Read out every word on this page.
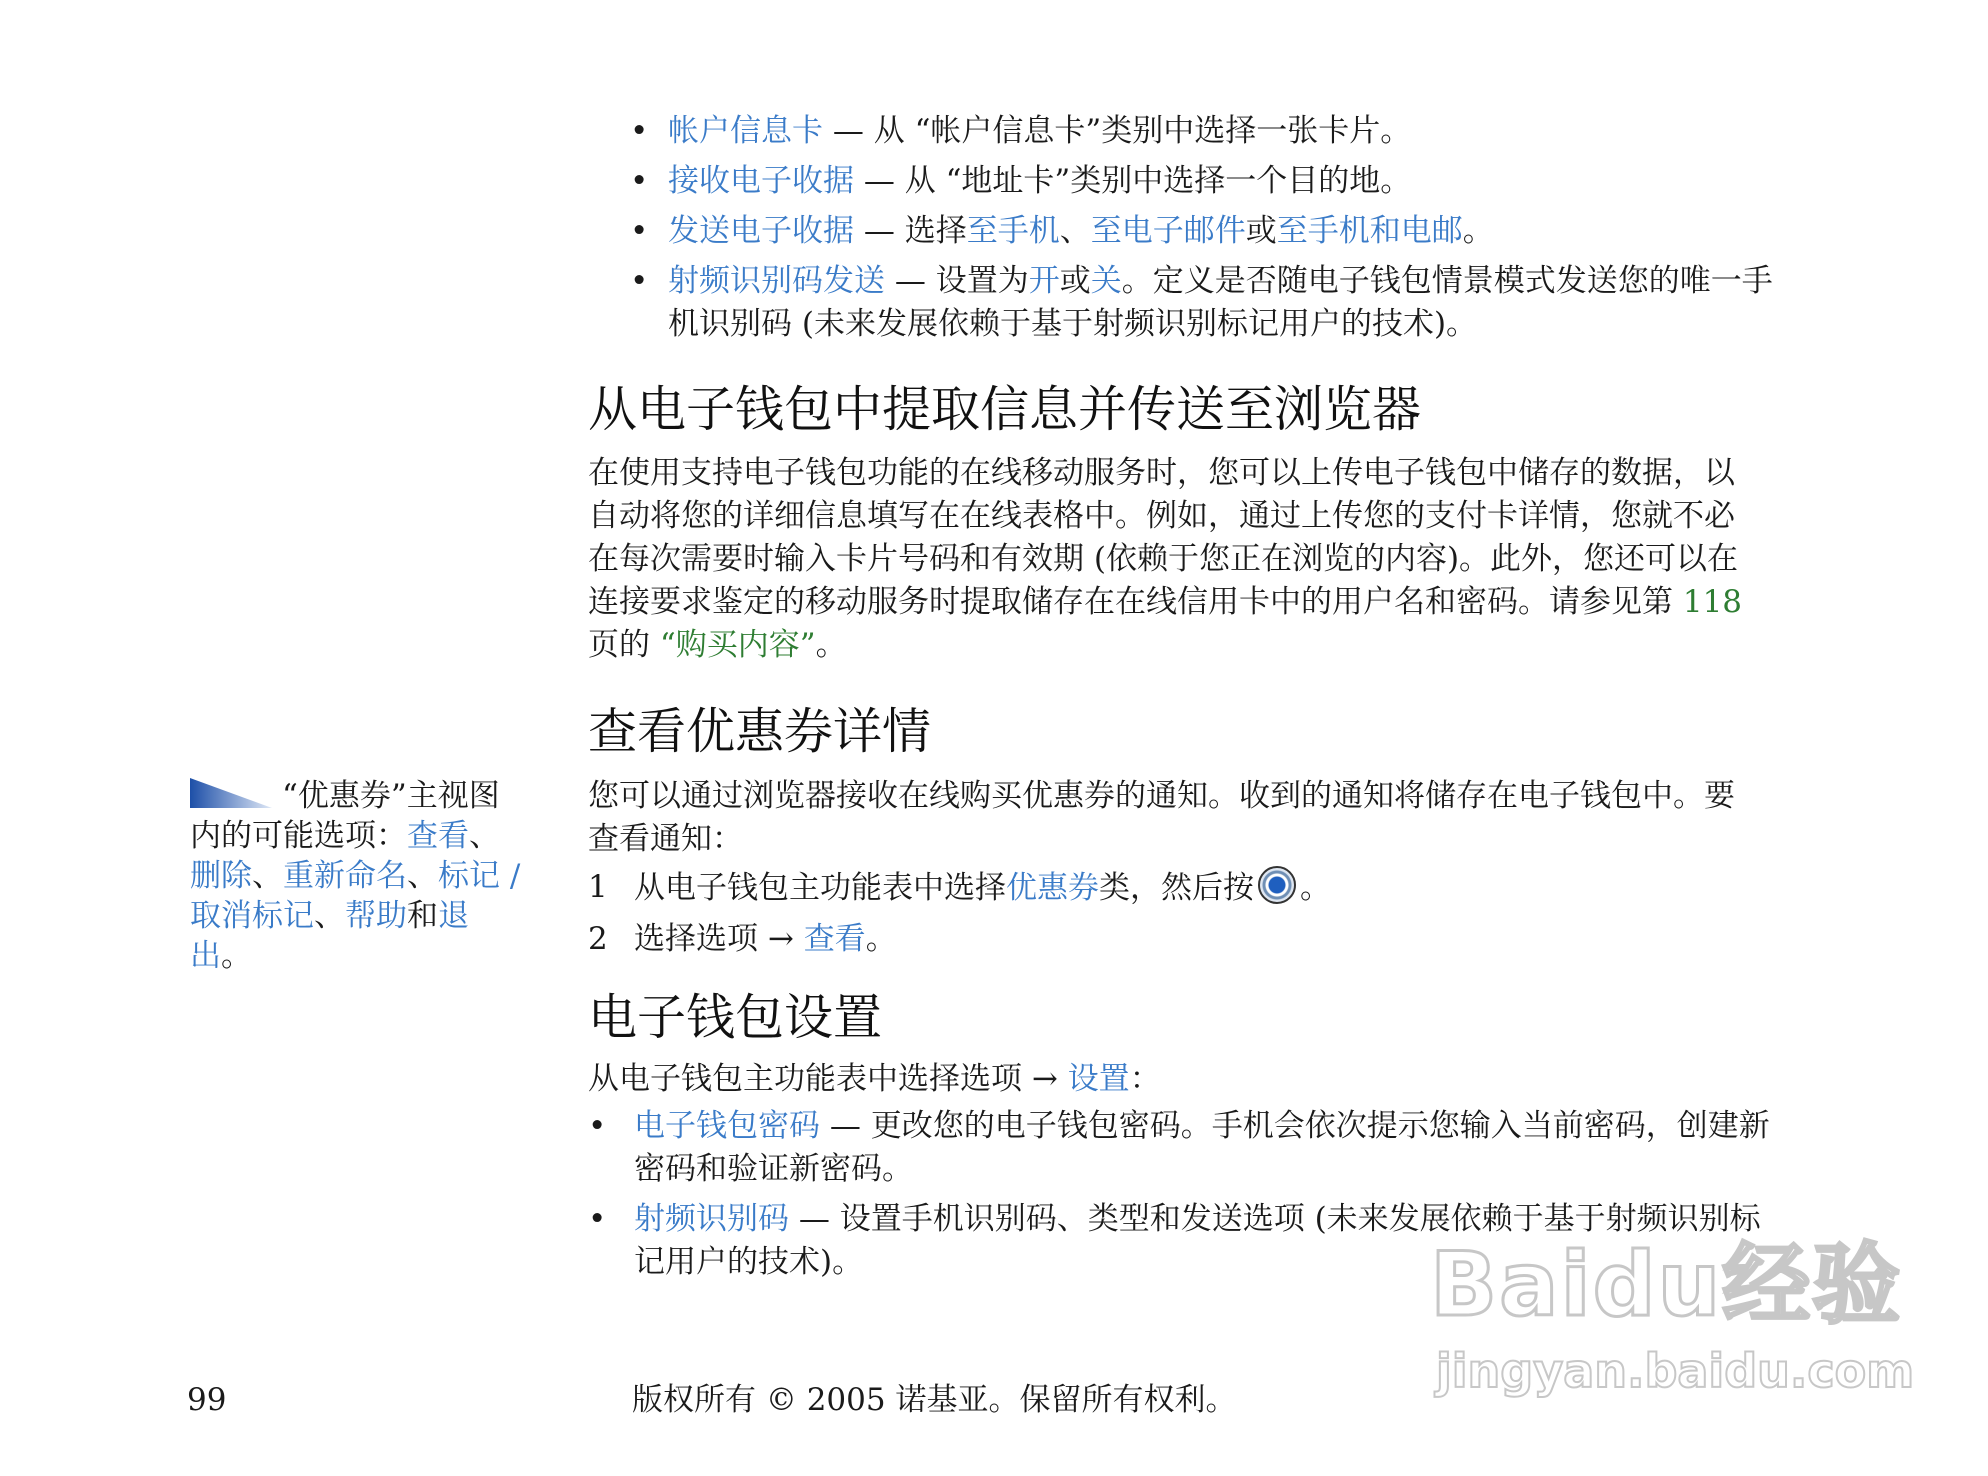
• 帐户信息卡 — 从 “帐户信息卡”类别中选择一张卡片。
• 接收电子收据 — 从 “地址卡”类别中选择一个目的地。
• 发送电子收据 — 选择至手机、至电子邮件或至手机和电邮。
• 射频识别码发送 — 设置为开或关。定义是否随电子钱包情景模式发送您的唯一手机识别码 (未来发展依赖于基于射频识别标记用户的技术)。
从电子钱包中提取信息并传送至浏览器

在使用支持电子钱包功能的在线移动服务时，您可以上传电子钱包中储存的数据，以自动将您的详细信息填写在在线表格中。例如，通过上传您的支付卡详情，您就不必在每次需要时输入卡片号码和有效期 (依赖于您正在浏览的内容)。此外，您还可以在连接要求鉴定的移动服务时提取储存在在线信用卡中的用户名和密码。请参见第 118 页的 “购买内容”。

查看优惠券详情

您可以通过浏览器接收在线购买优惠券的通知。收到的通知将储存在电子钱包中。要查看通知：

1 从电子钱包主功能表中选择优惠券类，然后按 。
2 选择选项 → 查看。
电子钱包设置

从电子钱包主功能表中选择选项 → 设置：

• 电子钱包密码 — 更改您的电子钱包密码。手机会依次提示您输入当前密码，创建新密码和验证新密码。
• 射频识别码 — 设置手机识别码、类型和发送选项 (未来发展依赖于基于射频识别标记用户的技术)。
“优惠券”主视图内的可能选项：查看、删除、重新命名、标记 / 取消标记、帮助和退出。
99	版权所有 © 2005 诺基亚。保留所有权利。
Baidu经验
jingyan.baidu.com
